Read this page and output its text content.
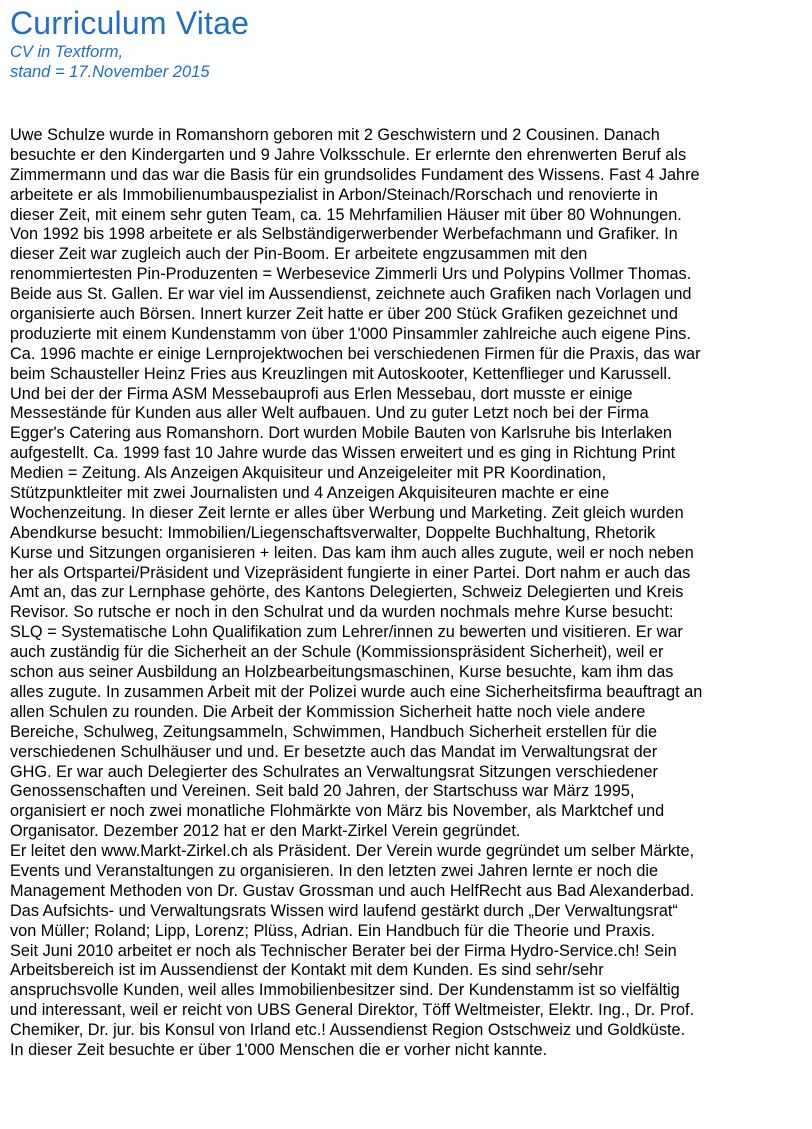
Curriculum Vitae

CV in Textform,

stand = 17.November 2015

Uwe Schulze wurde in Romanshorn geboren mit 2 Geschwistern und 2 Cousinen. Danach
besuchte er den Kindergarten und 9 Jahre Volksschule. Er erlernte den ehrenwerten Beruf als
Zimmermann und das war die Basis für ein grundsolides Fundament des Wissens. Fast 4 Jahre
arbeitete er als Immobilienumbauspezialist in Arbon/Steinach/Rorschach und renovierte in
dieser Zeit, mit einem sehr guten Team, ca. 15 Mehrfamilien Häuser mit über 80 Wohnungen.
Von 1992 bis 1998 arbeitete er als Selbständigerwerbender Werbefachmann und Grafiker. In
dieser Zeit war zugleich auch der Pin-Boom. Er arbeitete engzusammen mit den
renommiertesten Pin-Produzenten = Werbesevice Zimmerli Urs und Polypins Vollmer Thomas.
Beide aus St. Gallen. Er war viel im Aussendienst, zeichnete auch Grafiken nach Vorlagen und
organisierte auch Börsen. Innert kurzer Zeit hatte er über 200 Stück Grafiken gezeichnet und
produzierte mit einem Kundenstamm von über 1'000 Pinsammler zahlreiche auch eigene Pins.
Ca. 1996 machte er einige Lernprojektwochen bei verschiedenen Firmen für die Praxis, das war
beim Schausteller Heinz Fries aus Kreuzlingen mit Autoskooter, Kettenflieger und Karussell.
Und bei der der Firma ASM Messebauprofi aus Erlen Messebau, dort musste er einige
Messestände für Kunden aus aller Welt aufbauen. Und zu guter Letzt noch bei der Firma
Egger's Catering aus Romanshorn. Dort wurden Mobile Bauten von Karlsruhe bis Interlaken
aufgestellt. Ca. 1999 fast 10 Jahre wurde das Wissen erweitert und es ging in Richtung Print
Medien = Zeitung. Als Anzeigen Akquisiteur und Anzeigeleiter mit PR Koordination,
Stützpunktleiter mit zwei Journalisten und 4 Anzeigen Akquisiteuren machte er eine
Wochenzeitung. In dieser Zeit lernte er alles über Werbung und Marketing. Zeit gleich wurden
Abendkurse besucht: Immobilien/Liegenschaftsverwalter, Doppelte Buchhaltung, Rhetorik
Kurse und Sitzungen organisieren + leiten. Das kam ihm auch alles zugute, weil er noch neben
her als Ortspartei/Präsident und Vizepräsident fungierte in einer Partei. Dort nahm er auch das
Amt an, das zur Lernphase gehörte, des Kantons Delegierten, Schweiz Delegierten und Kreis
Revisor. So rutsche er noch in den Schulrat und da wurden nochmals mehre Kurse besucht:
SLQ = Systematische Lohn Qualifikation zum Lehrer/innen zu bewerten und visitieren. Er war
auch zuständig für die Sicherheit an der Schule (Kommissionspräsident Sicherheit), weil er
schon aus seiner Ausbildung an Holzbearbeitungsmaschinen, Kurse besuchte, kam ihm das
alles zugute. In zusammen Arbeit mit der Polizei wurde auch eine Sicherheitsfirma beauftragt an
allen Schulen zu rounden. Die Arbeit der Kommission Sicherheit hatte noch viele andere
Bereiche, Schulweg, Zeitungsammeln, Schwimmen, Handbuch Sicherheit erstellen für die
verschiedenen Schulhäuser und und. Er besetzte auch das Mandat im Verwaltungsrat der
GHG. Er war auch Delegierter des Schulrates an Verwaltungsrat Sitzungen verschiedener
Genossenschaften und Vereinen. Seit bald 20 Jahren, der Startschuss war März 1995,
organisiert er noch zwei monatliche Flohmärkte von März bis November, als Marktchef und
Organisator. Dezember 2012 hat er den Markt-Zirkel Verein gegründet.
Er leitet den www.Markt-Zirkel.ch als Präsident. Der Verein wurde gegründet um selber Märkte,
Events und Veranstaltungen zu organisieren. In den letzten zwei Jahren lernte er noch die
Management Methoden von Dr. Gustav Grossman und auch HelfRecht aus Bad Alexanderbad.
Das Aufsichts- und Verwaltungsrats Wissen wird laufend gestärkt durch „Der Verwaltungsrat“
von Müller; Roland; Lipp, Lorenz; Plüss, Adrian. Ein Handbuch für die Theorie und Praxis.
Seit Juni 2010 arbeitet er noch als Technischer Berater bei der Firma Hydro-Service.ch! Sein
Arbeitsbereich ist im Aussendienst der Kontakt mit dem Kunden. Es sind sehr/sehr
anspruchsvolle Kunden, weil alles Immobilienbesitzer sind. Der Kundenstamm ist so vielfältig
und interessant, weil er reicht von UBS General Direktor, Töff Weltmeister, Elektr. Ing., Dr. Prof.
Chemiker, Dr. jur. bis Konsul von Irland etc.! Aussendienst Region Ostschweiz und Goldküste.
In dieser Zeit besuchte er über 1'000 Menschen die er vorher nicht kannte.
